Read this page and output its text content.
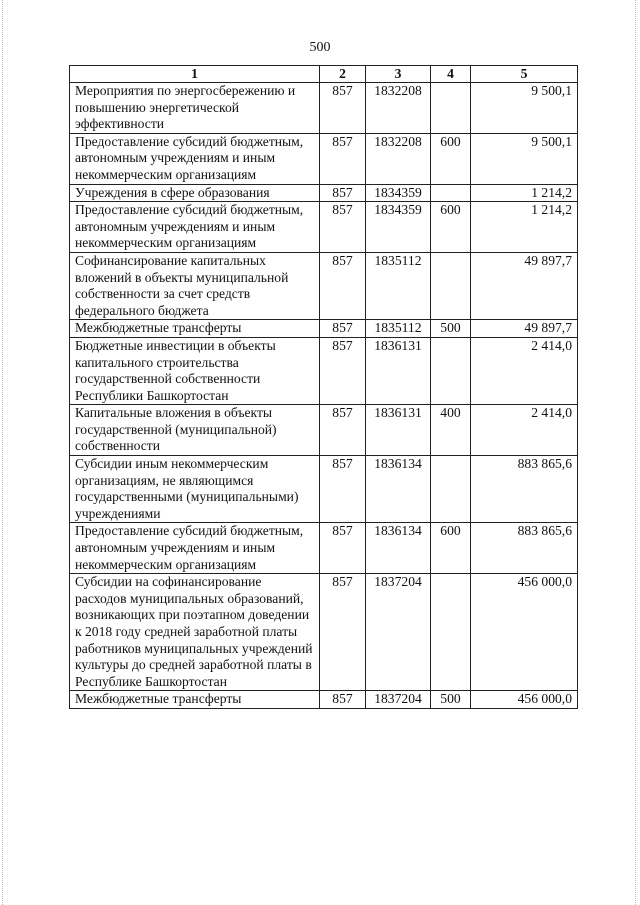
500
1	2	3	4	5
Мероприятия по энергосбережению и повышению энергетической эффективности	857	1832208		9 500,1
Предоставление субсидий бюджетным, автономным учреждениям и иным некоммерческим организациям	857	1832208	600	9 500,1
Учреждения в сфере образования	857	1834359		1 214,2
Предоставление субсидий бюджетным, автономным учреждениям и иным некоммерческим организациям	857	1834359	600	1 214,2
Софинансирование капитальных вложений в объекты муниципальной собственности за счет средств федерального бюджета	857	1835112		49 897,7
Межбюджетные трансферты	857	1835112	500	49 897,7
Бюджетные инвестиции в объекты капитального строительства государственной собственности Республики Башкортостан	857	1836131		2 414,0
Капитальные вложения в объекты государственной (муниципальной) собственности	857	1836131	400	2 414,0
Субсидии иным некоммерческим организациям, не являющимся государственными (муниципальными) учреждениями	857	1836134		883 865,6
Предоставление субсидий бюджетным, автономным учреждениям и иным некоммерческим организациям	857	1836134	600	883 865,6
Субсидии на софинансирование расходов муниципальных образований, возникающих при поэтапном доведении к 2018 году средней заработной платы работников муниципальных учреждений культуры до средней заработной платы в Республике Башкортостан	857	1837204		456 000,0
Межбюджетные трансферты	857	1837204	500	456 000,0
